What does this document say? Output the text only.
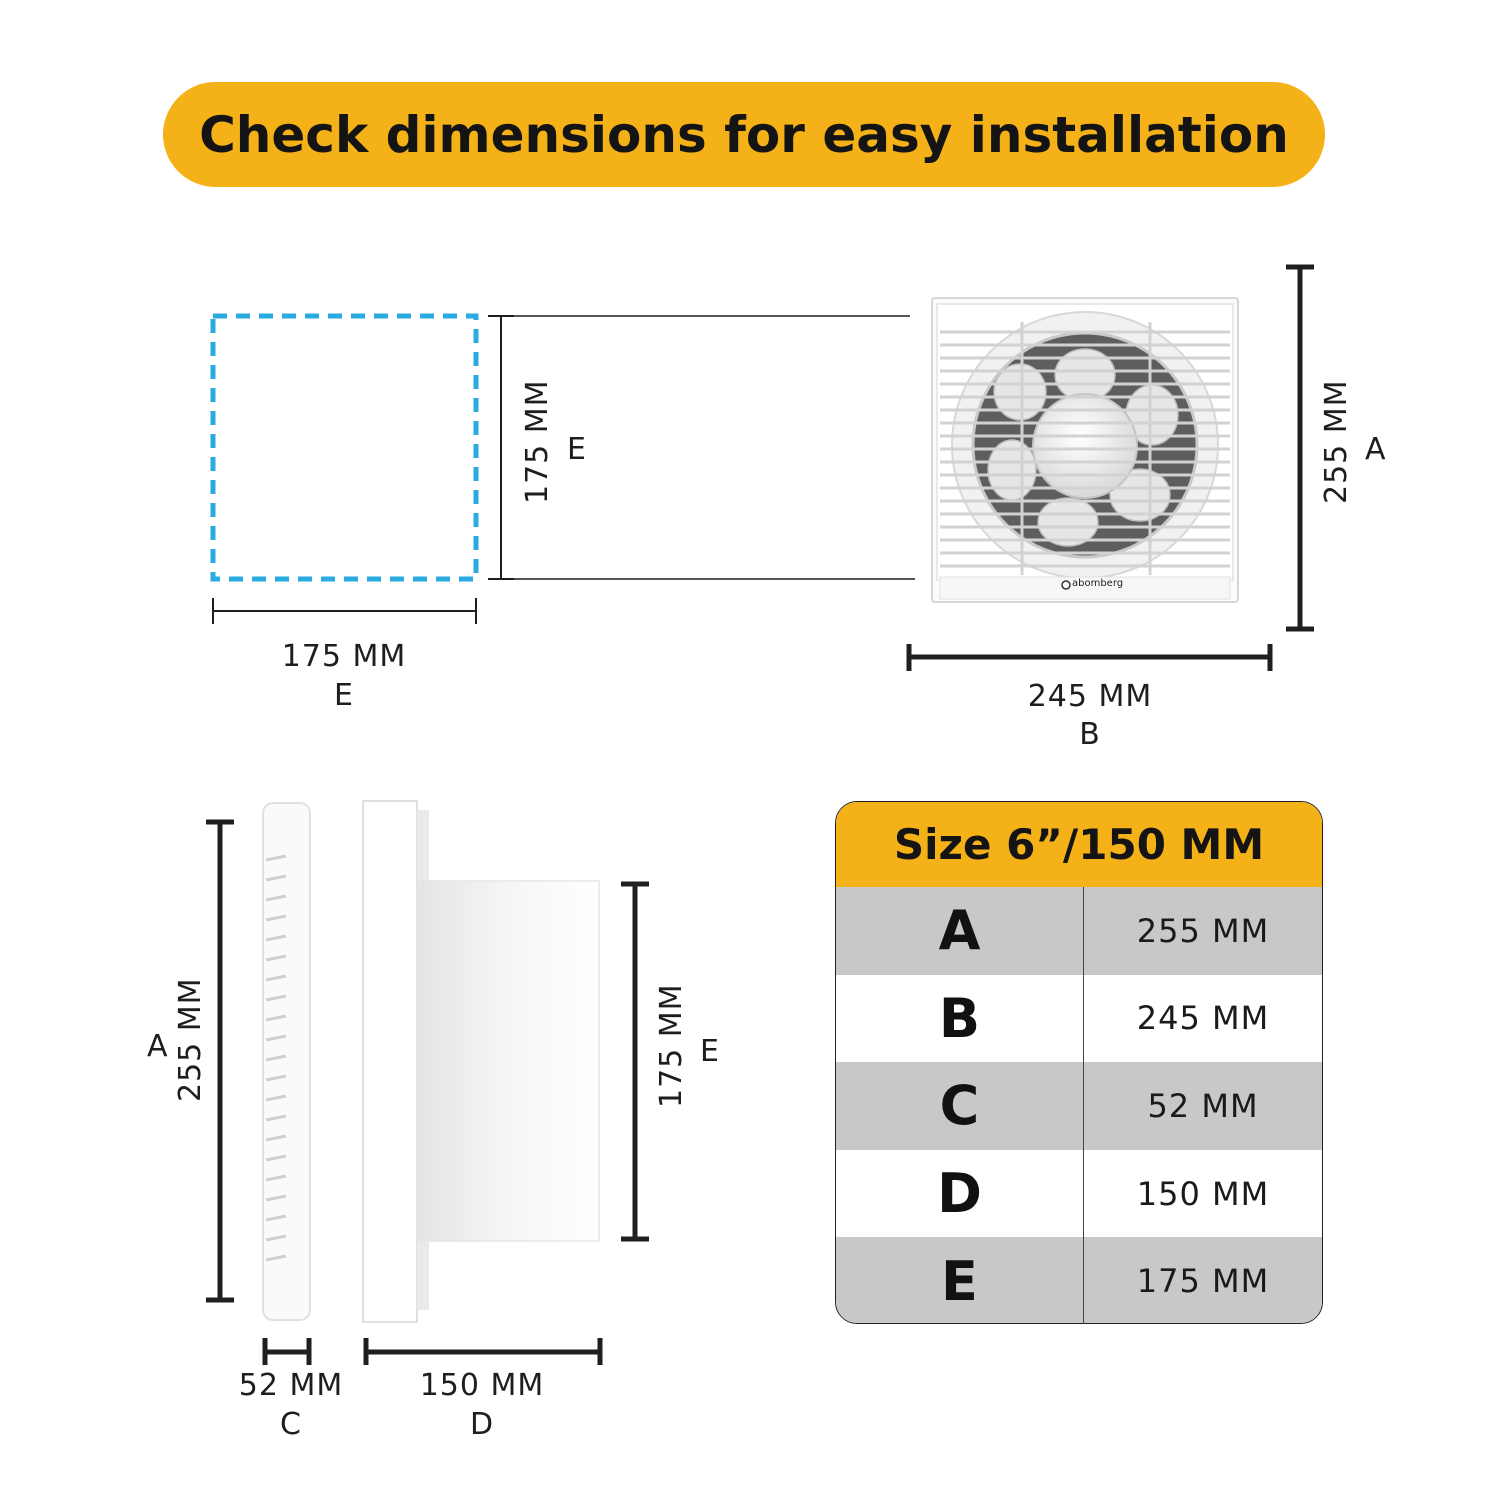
Check dimensions for easy installation
abomberg
175 MM
E
175 MM E
245 MM
B
255 MM A
A 255 MM	175 MM E
52 MM
C
150 MM
D
Size 6”/150 MM
A	255 MM
B	245 MM
C	52 MM
D	150 MM
E	175 MM
